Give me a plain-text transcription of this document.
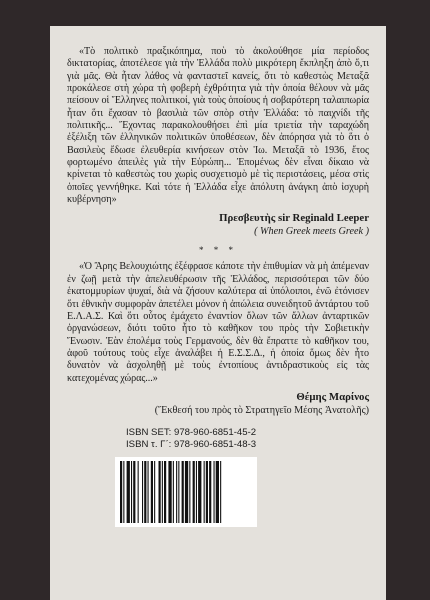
«Τὸ πολιτικὸ πραξικόπημα, ποὺ τὸ ἀκολούθησε μία περίοδος δικτατορίας, ἀποτέλεσε γιὰ τὴν Ἑλλάδα πολὺ μικρότερη ἔκπληξη ἀπὸ ὅ,τι γιὰ μᾶς. Θὰ ἦταν λάθος νὰ φανταστεῖ κανείς, ὅτι τὸ καθεστὼς Μεταξᾶ προκάλεσε στὴ χώρα τὴ φοβερὴ ἐχθρότητα γιὰ τὴν ὁποία θέλουν νὰ μᾶς πείσουν οἱ Ἕλληνες πολιτικοί, γιὰ τοὺς ὁποίους ἡ σοβαρότερη ταλαιπωρία ἦταν ὅτι ἔχασαν τὸ βασιλιὰ τῶν σπὸρ στὴν Ἑλλάδα: τὸ παιχνίδι τῆς πολιτικῆς... Ἔχοντας παρακολουθήσει ἐπὶ μία τριετία τὴν ταραχώδη ἐξέλιξη τῶν ἑλληνικῶν πολιτικῶν ὑποθέσεων, δὲν ἀπόρησα γιὰ τὸ ὅτι ὁ Βασιλεὺς ἔδωσε ἐλευθερία κινήσεων στὸν Ἰω. Μεταξᾶ τὸ 1936, ἔτος φορτωμένο ἀπειλὲς γιὰ τὴν Εὐρώπη... Ἐπομένως δὲν εἶναι δίκαιο νὰ κρίνεται τὸ καθεστὼς του χωρὶς συσχετισμὸ μὲ τὶς περιστάσεις, μέσα στὶς ὁποῖες γεννήθηκε. Καὶ τότε ἡ Ἑλλάδα εἶχε ἀπόλυτη ἀνάγκη ἀπὸ ἰσχυρὴ κυβέρνηση»

Πρεσβευτὴς sir Reginald Leeper
( When Greek meets Greek )
* * *

«Ὁ Ἄρης Βελουχιώτης ἐξέφρασε κάποτε τὴν ἐπιθυμίαν νὰ μὴ ἀπέμεναν ἐν ζωῇ μετὰ τὴν ἀπελευθέρωσιν τῆς Ἑλλάδος, περισσότεραι τῶν δύο ἑκατομμυρίων ψυχαί, διὰ νὰ ζήσουν καλύτερα αἱ ὑπόλοιποι, ἐνῶ ἐτόνισεν ὅτι ἐθνικὴν συμφορὰν ἀπετέλει μόνον ἡ ἀπώλεια συνειδητοῦ ἀντάρτου τοῦ Ε.Λ.Α.Σ. Καὶ ὅτι οὗτος ἐμάχετο ἐναντίον ὅλων τῶν ἄλλων ἀνταρτικῶν ὀργανώσεων, διότι τοῦτο ἦτο τὸ καθῆκον του πρὸς τὴν Σοβιετικὴν Ἕνωσιν. Ἐὰν ἐπολέμα τοὺς Γερμανούς, δὲν θὰ ἔπραττε τὸ καθῆκον του, ἀφοῦ τούτους τοὺς εἶχε ἀναλάβει ἡ Ε.Σ.Σ.Δ., ἡ ὁποία ὅμως δὲν ἦτο δυνατὸν νὰ ἀσχοληθῇ μὲ τοὺς ἐντοπίους ἀντιδραστικοὺς εἰς τὰς κατεχομένας χώρας...»

Θέμης Μαρίνος
(Ἔκθεσή του πρὸς τὸ Στρατηγεῖο Μέσης Ἀνατολῆς)
ISBN SET: 978-960-6851-45-2
ISBN τ. Γ΄: 978-960-6851-48-3
